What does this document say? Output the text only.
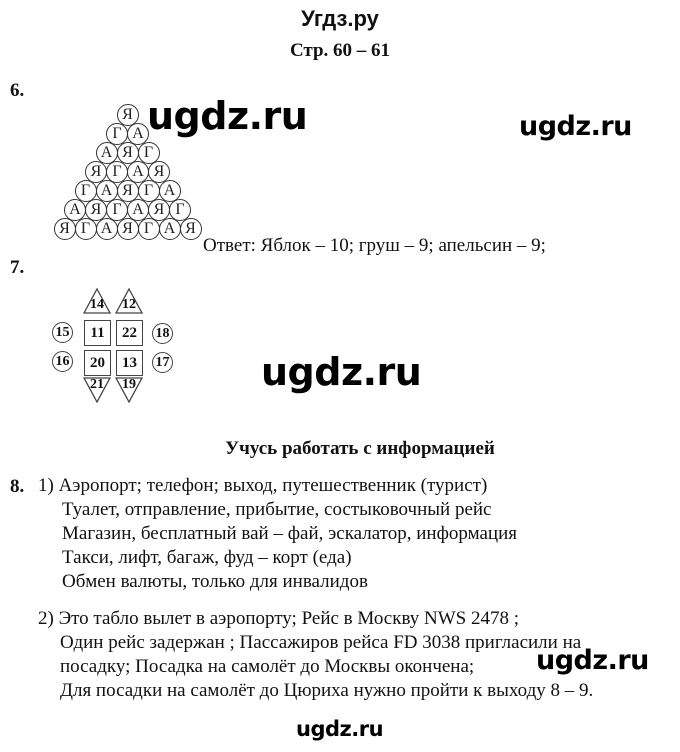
Угдз.ру
Стр. 60 – 61
6.
Я
Г А
А Я Г
Я Г А Я
Г А Я Г А
А Я Г А Я Г
Я Г А Я Г А Я
Ответ: Яблок – 10; груш – 9; апельсин – 9;
7.
14	12
11	22
20	13
15
16
18
17
21	19
Учусь работать с информацией
8. 1) Аэропорт; телефон; выход, путешественник (турист)
Туалет, отправление, прибытие, состыковочный рейс
Магазин, бесплатный вай – фай, эскалатор, информация
Такси, лифт, багаж, фуд – корт (еда)
Обмен валюты, только для инвалидов
2) Это табло вылет в аэропорту; Рейс в Москву NWS 2478 ;
Один рейс задержан ; Пассажиров рейса FD 3038 пригласили на
посадку; Посадка на самолёт до Москвы окончена;
Для посадки на самолёт до Цюриха нужно пройти к выходу 8 – 9.
ugdz.ru	ugdz.ru
ugdz.ru
ugdz.ru
ugdz.ru
